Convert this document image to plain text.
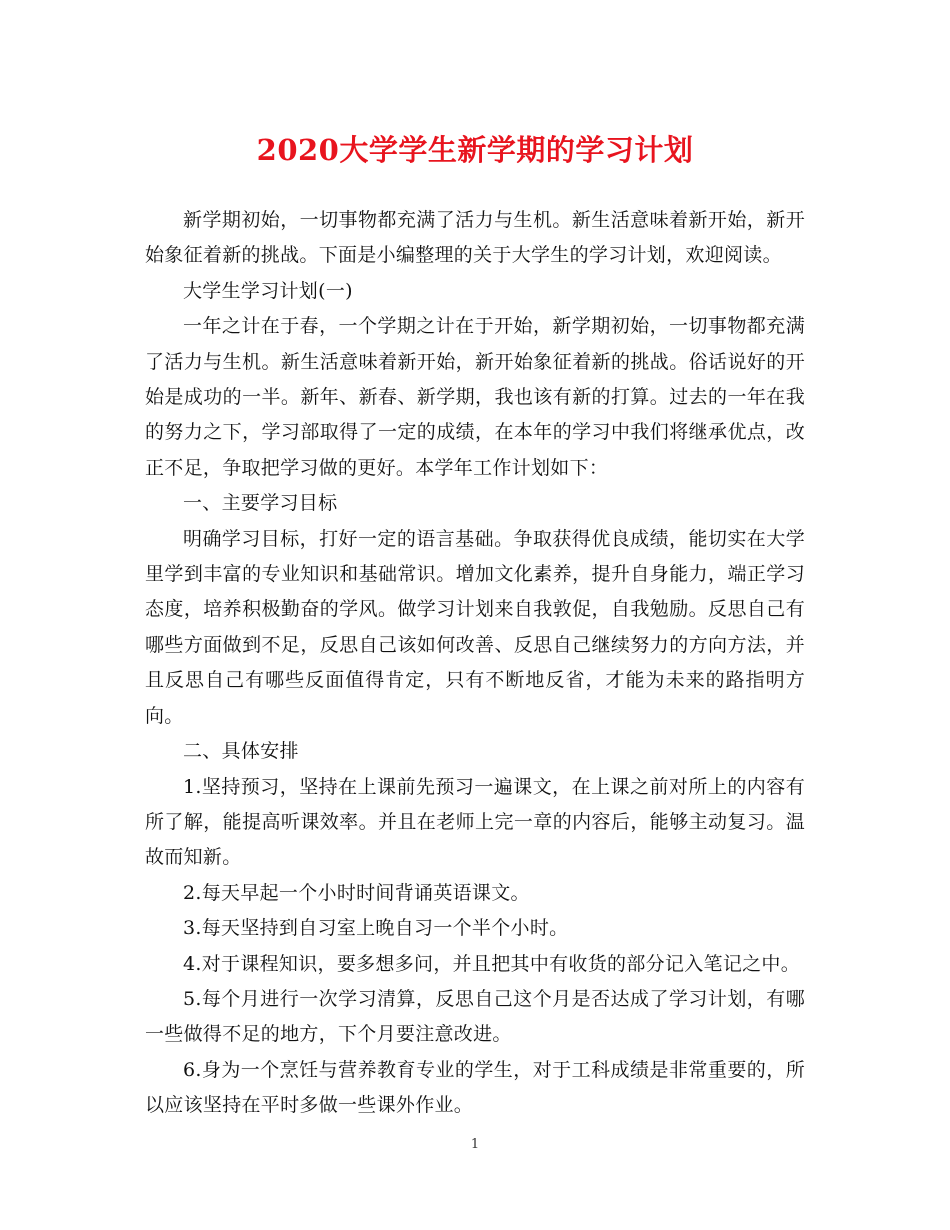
2020大学学生新学期的学习计划

新学期初始，一切事物都充满了活力与生机。新生活意味着新开始，新开始象征着新的挑战。下面是小编整理的关于大学生的学习计划，欢迎阅读。

大学生学习计划(一)

一年之计在于春，一个学期之计在于开始，新学期初始，一切事物都充满了活力与生机。新生活意味着新开始，新开始象征着新的挑战。俗话说好的开始是成功的一半。新年、新春、新学期，我也该有新的打算。过去的一年在我的努力之下，学习部取得了一定的成绩，在本年的学习中我们将继承优点，改正不足，争取把学习做的更好。本学年工作计划如下：

一、主要学习目标

明确学习目标，打好一定的语言基础。争取获得优良成绩，能切实在大学里学到丰富的专业知识和基础常识。增加文化素养，提升自身能力，端正学习态度，培养积极勤奋的学风。做学习计划来自我敦促，自我勉励。反思自己有哪些方面做到不足，反思自己该如何改善、反思自己继续努力的方向方法，并且反思自己有哪些反面值得肯定，只有不断地反省，才能为未来的路指明方向。

二、具体安排

1.坚持预习，坚持在上课前先预习一遍课文，在上课之前对所上的内容有所了解，能提高听课效率。并且在老师上完一章的内容后，能够主动复习。温故而知新。

2.每天早起一个小时时间背诵英语课文。

3.每天坚持到自习室上晚自习一个半个小时。

4.对于课程知识，要多想多问，并且把其中有收货的部分记入笔记之中。

5.每个月进行一次学习清算，反思自己这个月是否达成了学习计划，有哪一些做得不足的地方，下个月要注意改进。

6.身为一个烹饪与营养教育专业的学生，对于工科成绩是非常重要的，所以应该坚持在平时多做一些课外作业。

1
